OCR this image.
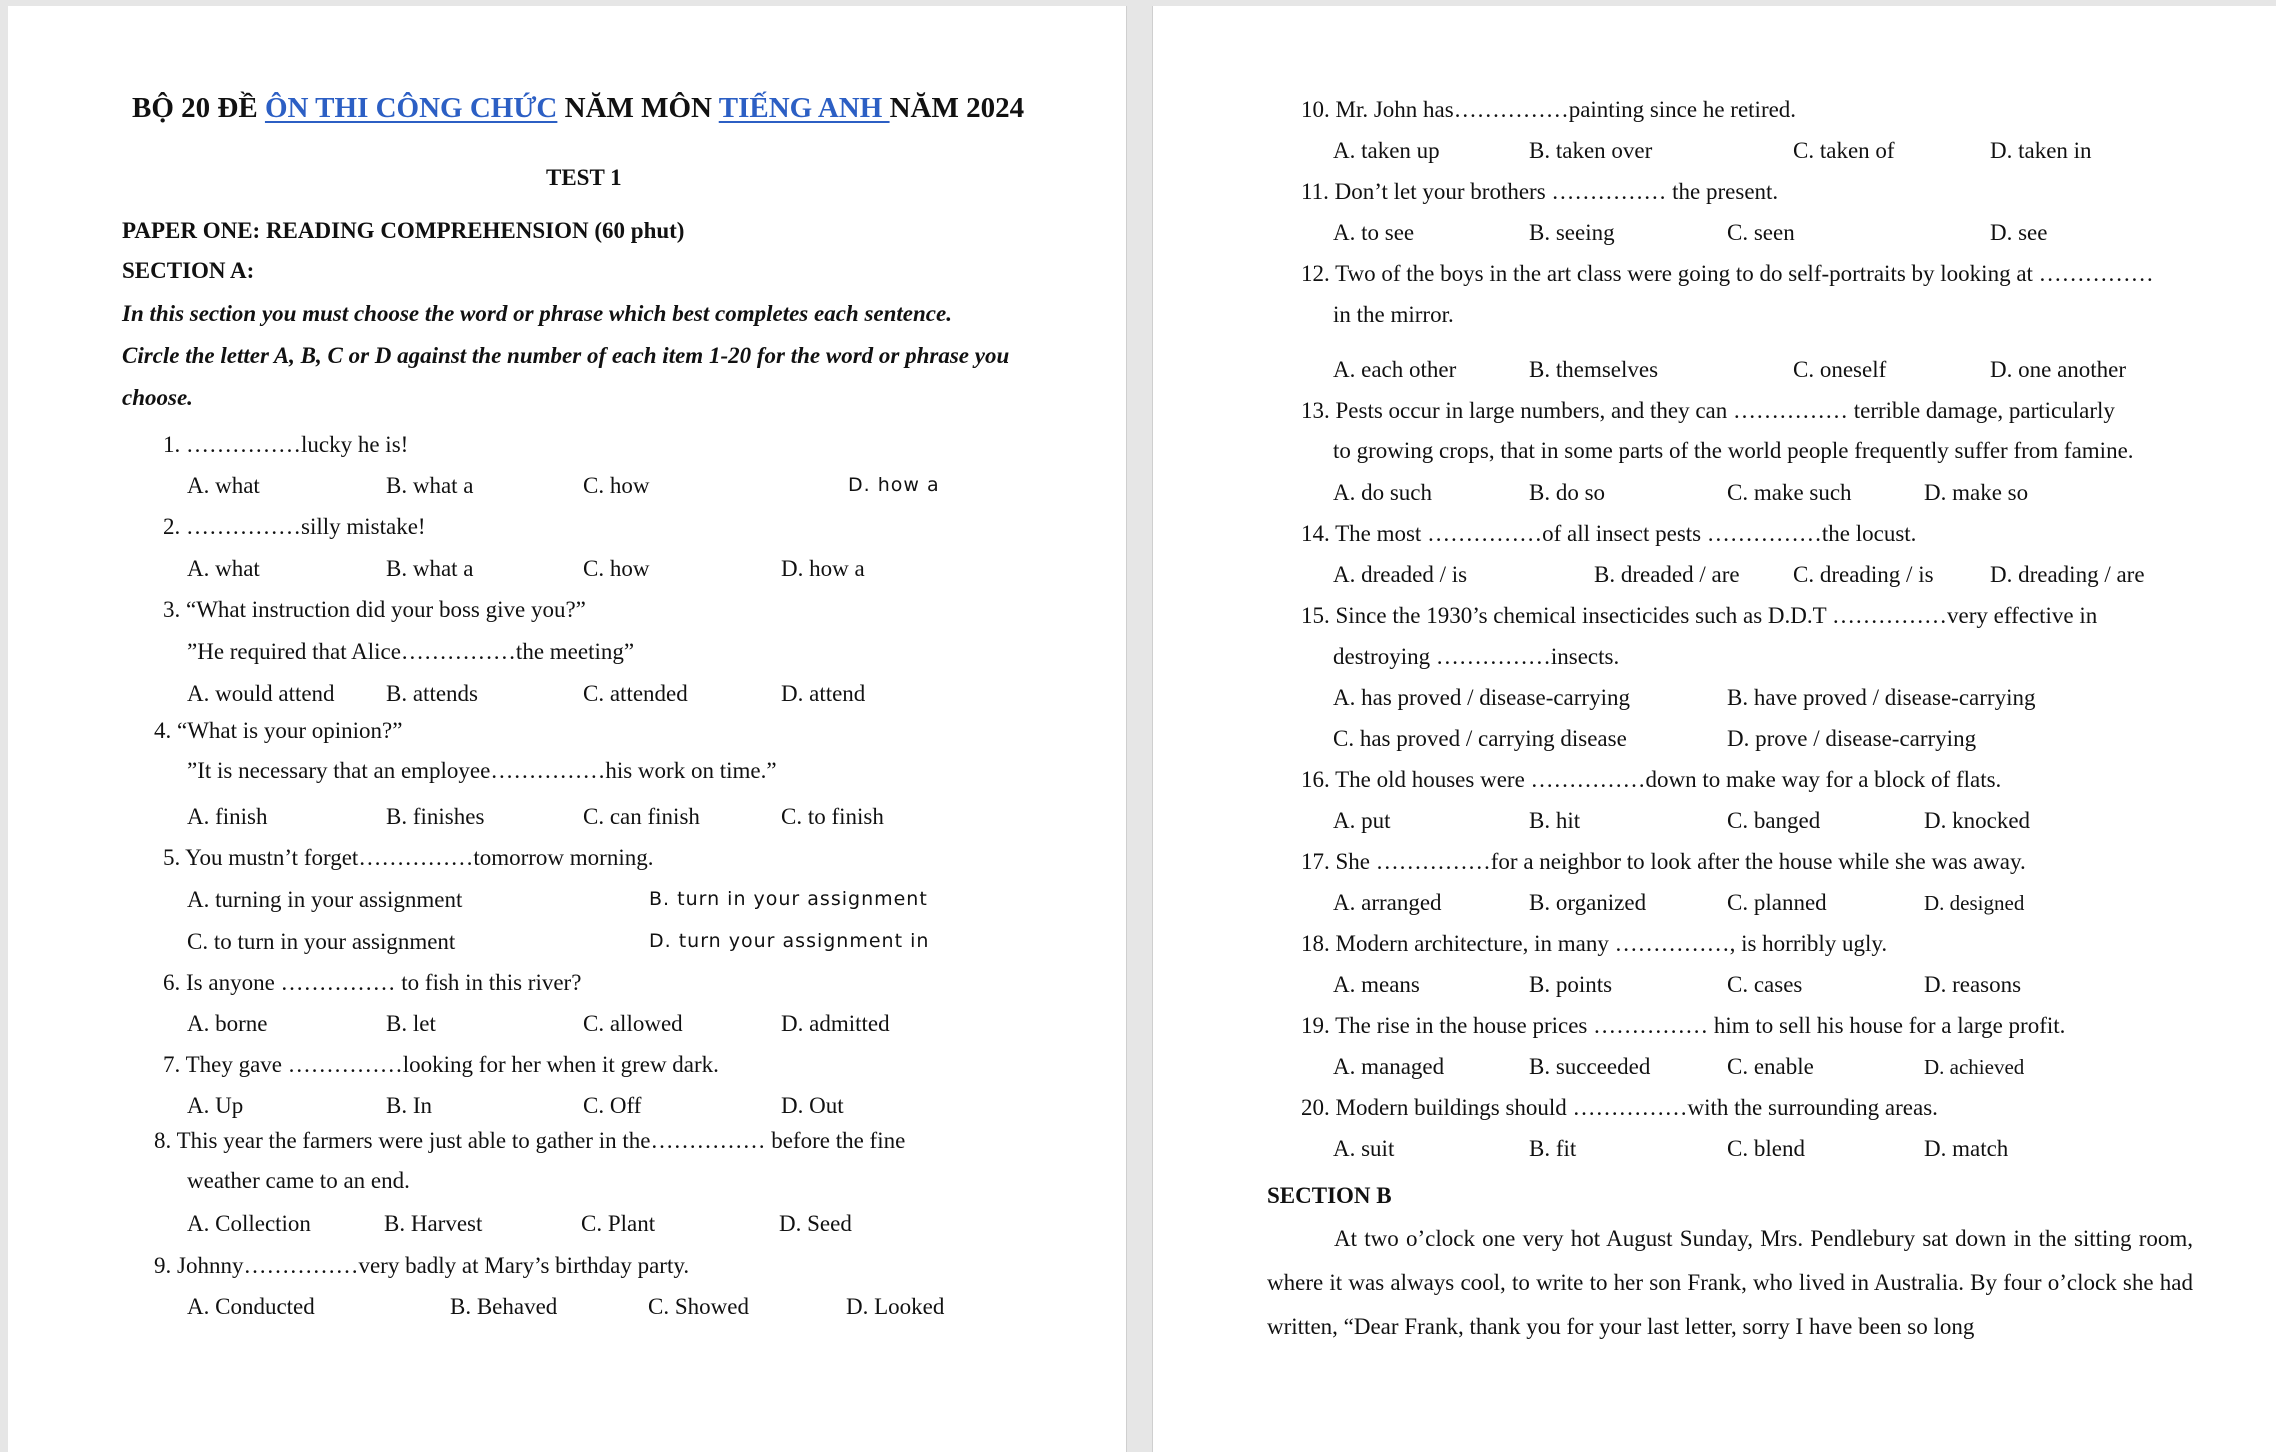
BỘ 20 ĐỀ ÔN THI CÔNG CHỨC NĂM MÔN TIẾNG ANH NĂM 2024
TEST 1
PAPER ONE: READING COMPREHENSION (60 phut)
SECTION A:
In this section you must choose the word or phrase which best completes each sentence.
Circle the letter A, B, C or D against the number of each item 1-20 for the word or phrase you
choose.
1. ……………lucky he is!
A. what	B. what a	C. how	D. how a
2. ……………silly mistake!
A. what	B. what a	C. how	D. how a
3. “What instruction did your boss give you?”
”He required that Alice……………the meeting”
A. would attend B. attends	C. attended	D. attend
4. “What is your opinion?”
”It is necessary that an employee……………his work on time.”
A. finish	B. finishes	C. can finish	C. to finish
5. You mustn’t forget……………tomorrow morning.
A. turning in your assignment	B. turn in your assignment
C. to turn in your assignment	D. turn your assignment in
6. Is anyone …………… to fish in this river?
A. borne	B. let	C. allowed	D. admitted
7. They gave ……………looking for her when it grew dark.
A. Up	B. In	C. Off	D. Out
8. This year the farmers were just able to gather in the…………… before the fine
weather came to an end.
A. Collection	B. Harvest	C. Plant	D. Seed
9. Johnny……………very badly at Mary’s birthday party.
A. Conducted	B. Behaved	C. Showed	D. Looked
10. Mr. John has……………painting since he retired.
A. taken up	B. taken over	C. taken of	D. taken in
11. Don’t let your brothers …………… the present.
A. to see	B. seeing	C. seen	D. see
12. Two of the boys in the art class were going to do self-portraits by looking at ……………
in the mirror.
A. each other	B. themselves	C. oneself	D. one another
13. Pests occur in large numbers, and they can …………… terrible damage, particularly
to growing crops, that in some parts of the world people frequently suffer from famine.
A. do such	B. do so	C. make such	D. make so
14. The most ……………of all insect pests ……………the locust.
A. dreaded / is	B. dreaded / are C. dreading / is D. dreading / are
15. Since the 1930’s chemical insecticides such as D.D.T ……………very effective in
destroying ……………insects.
A. has proved / disease-carrying	B. have proved / disease-carrying
C. has proved / carrying disease	D. prove / disease-carrying
16. The old houses were ……………down to make way for a block of flats.
A. put	B. hit	C. banged	D. knocked
17. She ……………for a neighbor to look after the house while she was away.
A. arranged	B. organized	C. planned	D. designed
18. Modern architecture, in many ……………, is horribly ugly.
A. means	B. points	C. cases	D. reasons
19. The rise in the house prices …………… him to sell his house for a large profit.
A. managed	B. succeeded	C. enable	D. achieved
20. Modern buildings should ……………with the surrounding areas.
A. suit	B. fit	C. blend	D. match
SECTION B
At two o’clock one very hot August Sunday, Mrs. Pendlebury sat down in the sitting room, where it was always cool, to write to her son Frank, who lived in Australia. By four o’clock she had written, “Dear Frank, thank you for your last letter, sorry I have been so long
